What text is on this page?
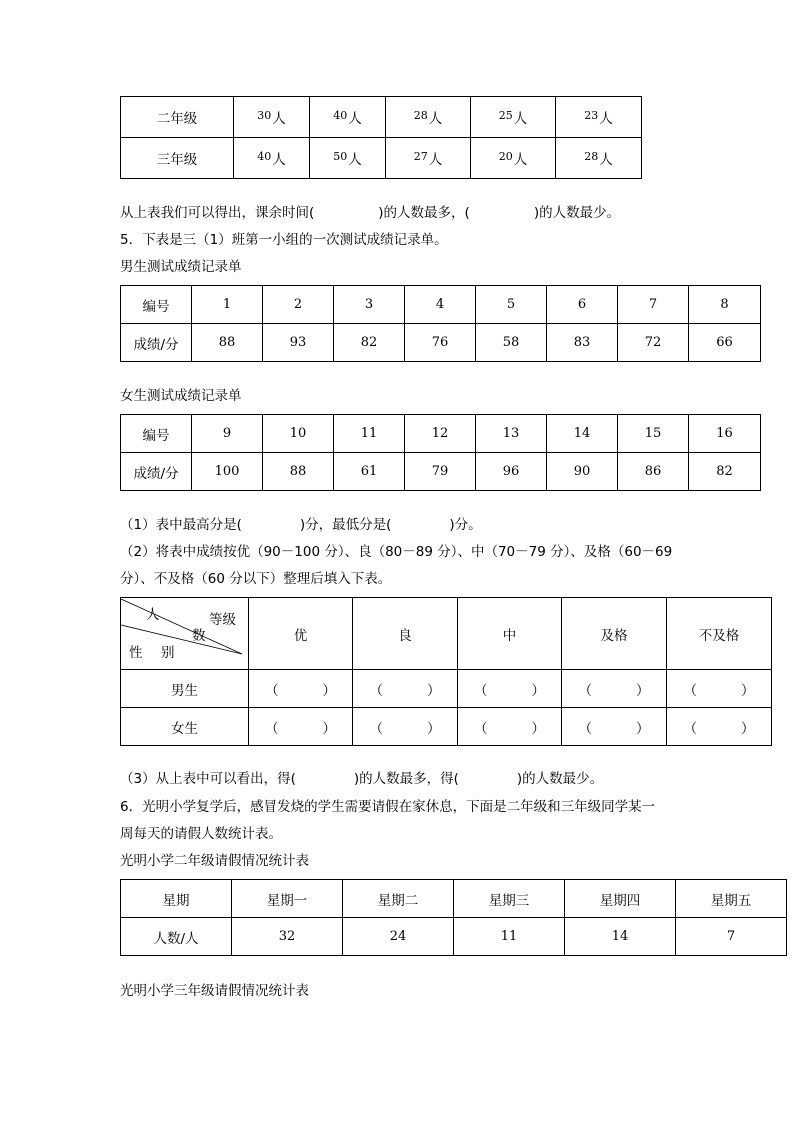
二年级	$^{30}$人	$^{40}$人	$^{28}$人	$^{25}$人	$^{23}$人
三年级	$^{40}$人	$^{50}$人	$^{27}$人	$^{20}$人	$^{28}$人
从上表我们可以得出，课余时间(	)的人数最多，(	)的人数最少。
5．下表是三（1）班第一小组的一次测试成绩记录单。
男生测试成绩记录单
编号	1	2	3	4	5	6	7	8
成绩/分	88	93	82	76	58	83	72	66
女生测试成绩记录单
编号	9	10	11	12	13	14	15	16
成绩/分	100	88	61	79	96	90	86	82
（1）表中最高分是(	)分，最低分是(	)分。
（2）将表中成绩按优（90－100 分）、良（80－89 分）、中（70－79 分）、及格（60－69
分）、不及格（60 分以下）整理后填入下表。
人 等级
数
性 别	优	良	中	及格	不及格
男生	（ ）	（ ）	（ ）	（ ）	（ ）
女生	（ ）	（ ）	（ ）	（ ）	（ ）
（3）从上表中可以看出，得(	)的人数最多，得(	)的人数最少。
6．光明小学复学后，感冒发烧的学生需要请假在家休息，下面是二年级和三年级同学某一
周每天的请假人数统计表。
光明小学二年级请假情况统计表
星期	星期一	星期二	星期三	星期四	星期五
人数/人	32	24	11	14	7
光明小学三年级请假情况统计表
